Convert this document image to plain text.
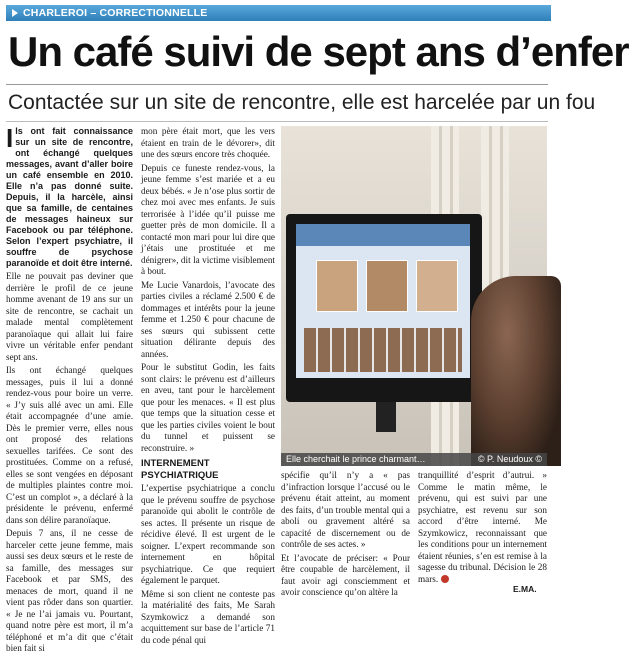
CHARLEROI – CORRECTIONNELLE
Un café suivi de sept ans d’enfer
Contactée sur un site de rencontre, elle est harcelée par un fou

Ils ont fait connaissance sur un site de rencontre, ont échangé quelques messages, avant d’aller boire un café ensemble en 2010. Elle n’a pas donné suite. Depuis, il la harcèle, ainsi que sa famille, de centaines de messages haineux sur Facebook ou par téléphone. Selon l’expert psychiatre, il souffre de psychose paranoïde et doit être interné.

Elle ne pouvait pas deviner que derrière le profil de ce jeune homme avenant de 19 ans sur un site de rencontre, se cachait un malade mental complètement paranoïaque qui allait lui faire vivre un véritable enfer pendant sept ans.

Ils ont échangé quelques messages, puis il lui a donné rendez-vous pour boire un verre. « J’y suis allé avec un ami. Elle était accompagnée d’une amie. Dès le premier verre, elles nous ont proposé des relations sexuelles tarifées. Ce sont des prostituées. Comme on a refusé, elles se sont vengées en déposant de multiples plaintes contre moi. C’est un complot », a déclaré à la présidente le prévenu, enfermé dans son délire paranoïaque.

Depuis 7 ans, il ne cesse de harceler cette jeune femme, mais aussi ses deux sœurs et le reste de sa famille, des messages sur Facebook et par SMS, des menaces de mort, quand il ne vient pas rôder dans son quartier. « Je ne l’ai jamais vu. Pourtant, quand notre père est mort, il m’a téléphoné et m’a dit que c’était bien fait si

mon père était mort, que les vers étaient en train de le dévorer», dit une des sœurs encore très choquée.

Depuis ce funeste rendez-vous, la jeune femme s’est mariée et a eu deux bébés. « Je n’ose plus sortir de chez moi avec mes enfants. Je suis terrorisée à l’idée qu’il puisse me guetter près de mon domicile. Il a contacté mon mari pour lui dire que j’étais une prostituée et me dénigrer», dit la victime visiblement à bout.

Me Lucie Vanardois, l’avocate des parties civiles a réclamé 2.500 € de dommages et intérêts pour la jeune femme et 1.250 € pour chacune de ses sœurs qui subissent cette situation délirante depuis des années.

Pour le substitut Godin, les faits sont clairs: le prévenu est d’ailleurs en aveu, tant pour le harcèlement que pour les menaces. « Il est plus que temps que la situation cesse et que les parties civiles voient le bout du tunnel et puissent se reconstruire. »

INTERNEMENT PSYCHIATRIQUE

L’expertise psychiatrique a conclu que le prévenu souffre de psychose paranoïde qui abolit le contrôle de ses actes. Il présente un risque de récidive élevé. Il est urgent de le soigner. L’expert recommande son internement en hôpital psychiatrique. Ce que requiert également le parquet.

Même si son client ne conteste pas la matérialité des faits, Me Sarah Szymkowicz a demandé son acquittement sur base de l’article 71 du code pénal qui

Elle cherchait le prince charmant…	© P. Neudoux ©

spécifie qu’il n’y a « pas d’infraction lorsque l’accusé ou le prévenu était atteint, au moment des faits, d’un trouble mental qui a aboli ou gravement altéré sa capacité de discernement ou de contrôle de ses actes. »

Et l’avocate de préciser: « Pour être coupable de harcèlement, il faut avoir agi consciemment et avoir conscience qu’on altère la

tranquillité d’esprit d’autrui. » Comme le matin même, le prévenu, qui est suivi par une psychiatre, est revenu sur son accord d’être interné. Me Szymkowicz, reconnaissant que les conditions pour un internement étaient réunies, s’en est remise à la sagesse du tribunal. Décision le 28 mars.

E.MA.
